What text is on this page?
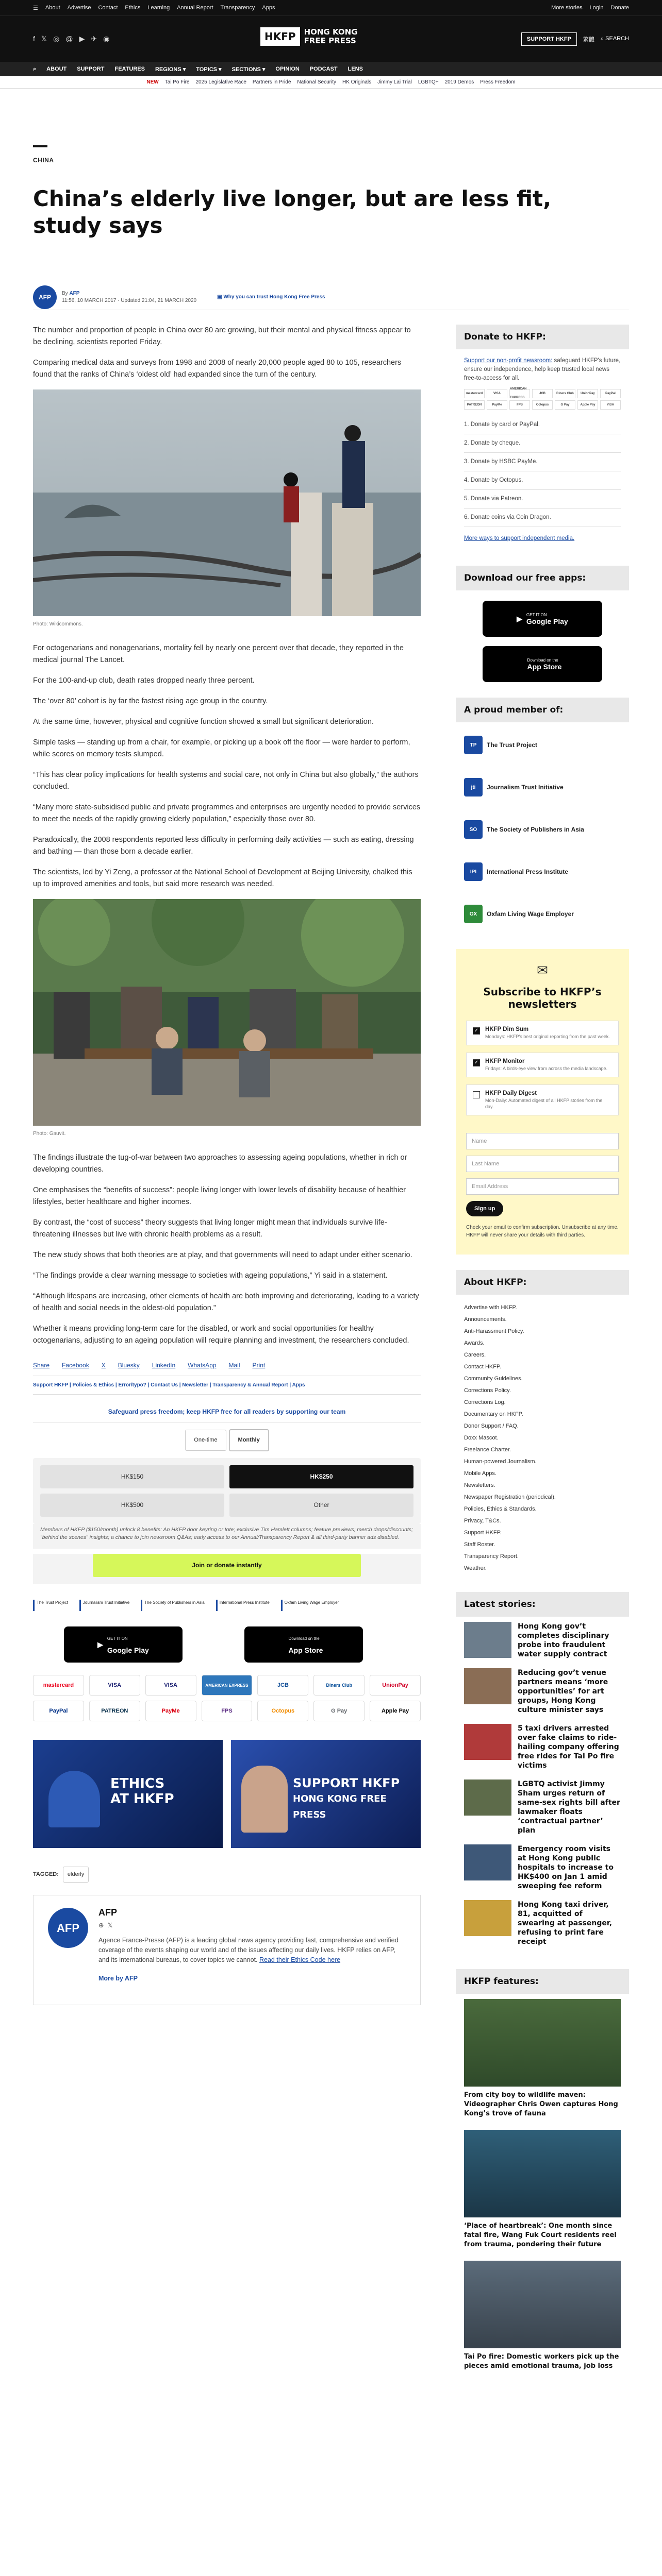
☰ About Advertise Contact Ethics Learning Annual Report Transparency Apps	More stories Login Donate
f 𝕏 ◎ @ ▶ ✈ ◉	HKFP	HONG KONG
FREE PRESS	SUPPORT HKFP	繁體 ⌕ SEARCH
⌕ ABOUT SUPPORT FEATURES REGIONS ▾ TOPICS ▾ SECTIONS ▾ OPINION PODCAST LENS
NEW Tai Po Fire 2025 Legislative Race Partners in Pride National Security HK Originals Jimmy Lai Trial LGBTQ+ 2019 Demos Press Freedom
CHINA
China’s elderly live longer, but are less fit, study says
AFP
By AFP
11:56, 10 MARCH 2017 · Updated 21:04, 21 MARCH 2020
▣ Why you can trust Hong Kong Free Press

The number and proportion of people in China over 80 are growing, but their mental and physical fitness appear to be declining, scientists reported Friday.

Comparing medical data and surveys from 1998 and 2008 of nearly 20,000 people aged 80 to 105, researchers found that the ranks of China’s ‘oldest old’ had expanded since the turn of the century.

Photo: Wikicommons.

For octogenarians and nonagenarians, mortality fell by nearly one percent over that decade, they reported in the medical journal The Lancet.

For the 100-and-up club, death rates dropped nearly three percent.

The ‘over 80’ cohort is by far the fastest rising age group in the country.

At the same time, however, physical and cognitive function showed a small but significant deterioration.

Simple tasks — standing up from a chair, for example, or picking up a book off the floor — were harder to perform, while scores on memory tests slumped.

“This has clear policy implications for health systems and social care, not only in China but also globally,” the authors concluded.

“Many more state-subsidised public and private programmes and enterprises are urgently needed to provide services to meet the needs of the rapidly growing elderly population,” especially those over 80.

Paradoxically, the 2008 respondents reported less difficulty in performing daily activities — such as eating, dressing and bathing — than those born a decade earlier.

The scientists, led by Yi Zeng, a professor at the National School of Development at Beijing University, chalked this up to improved amenities and tools, but said more research was needed.

Photo: Gauvit.

The findings illustrate the tug-of-war between two approaches to assessing ageing populations, whether in rich or developing countries.

One emphasises the “benefits of success”: people living longer with lower levels of disability because of healthier lifestyles, better healthcare and higher incomes.

By contrast, the “cost of success” theory suggests that living longer might mean that individuals survive life-threatening illnesses but live with chronic health problems as a result.

The new study shows that both theories are at play, and that governments will need to adapt under either scenario.

“The findings provide a clear warning message to societies with ageing populations,” Yi said in a statement.

“Although lifespans are increasing, other elements of health are both improving and deteriorating, leading to a variety of health and social needs in the oldest-old population.”

Whether it means providing long-term care for the disabled, or work and social opportunities for healthy octogenarians, adjusting to an ageing population will require planning and investment, the researchers concluded.

Share Facebook X Bluesky LinkedIn WhatsApp Mail Print
Support HKFP | Policies & Ethics | Error/typo? | Contact Us | Newsletter | Transparency & Annual Report | Apps
Safeguard press freedom; keep HKFP free for all readers by supporting our team
One-time	Monthly
HK$150	HK$250
HK$500	Other
Members of HKFP ($150/month) unlock 8 benefits: An HKFP door keyring or tote; exclusive Tim Hamlett columns; feature previews; merch drops/discounts; "behind the scenes" insights; a chance to join newsroom Q&As; early access to our Annual/Transparency Report & all third-party banner ads disabled.
Join or donate instantly
The Trust Project	Journalism Trust Initiative	The Society of Publishers in Asia	International Press Institute	Oxfam Living Wage Employer
▶
GET IT ON
Google Play
Download on the
App Store
mastercard	VISA	VISA	AMERICAN EXPRESS	JCB	Diners Club	UnionPay
PayPal	PATREON	PayMe	FPS	Octopus	G Pay	Apple Pay
ETHICS
AT HKFP
SUPPORT HKFP
HONG KONG FREE PRESS
TAGGED:	elderly
AFP
AFP
⊕ 𝕏

Agence France-Presse (AFP) is a leading global news agency providing fast, comprehensive and verified coverage of the events shaping our world and of the issues affecting our daily lives. HKFP relies on AFP, and its international bureaus, to cover topics we cannot. Read their Ethics Code here

More by AFP

Donate to HKFP:

Support our non-profit newsroom: safeguard HKFP's future, ensure our independence, help keep trusted local news free-to-access for all.

mastercard	VISA
AMERICAN EXPRESS
JCB	Diners Club	UnionPay	PayPal
PATREON	PayMe	FPS	Octopus	G Pay	Apple Pay	VISA
1. Donate by card or PayPal.
2. Donate by cheque.
3. Donate by HSBC PayMe.
4. Donate by Octopus.
5. Donate via Patreon.
6. Donate coins via Coin Dragon.

More ways to support independent media.

Download our free apps:
▶ GET IT ON
Google Play
Download on the
App Store
A proud member of:
TP	The Trust Project
jti	Journalism Trust Initiative
SO	The Society of Publishers in Asia
IPI	International Press Institute
OX	Oxfam Living Wage Employer
✉
Subscribe to HKFP’s newsletters
✓ HKFP Dim Sum
Mondays: HKFP's best original reporting from the past week.
✓ HKFP Monitor
Fridays: A birds-eye view from across the media landscape.
HKFP Daily Digest
Mon-Daily: Automated digest of all HKFP stories from the day.
Name
Last Name
Email Address
Sign up

Check your email to confirm subscription. Unsubscribe at any time. HKFP will never share your details with third parties.

About HKFP:
Advertise with HKFP.
Announcements.
Anti-Harassment Policy.
Awards.
Careers.
Contact HKFP.
Community Guidelines.
Corrections Policy.
Corrections Log.
Documentary on HKFP.
Donor Support / FAQ.
Doxx Mascot.
Freelance Charter.
Human-powered Journalism.
Mobile Apps.
Newsletters.
Newspaper Registration (periodical).
Policies, Ethics & Standards.
Privacy, T&Cs.
Support HKFP.
Staff Roster.
Transparency Report.
Weather.
Latest stories:
Hong Kong gov’t completes disciplinary probe into fraudulent water supply contract
Reducing gov’t venue partners means ‘more opportunities’ for art groups, Hong Kong culture minister says
5 taxi drivers arrested over fake claims to ride-hailing company offering free rides for Tai Po fire victims
LGBTQ activist Jimmy Sham urges return of same-sex rights bill after lawmaker floats ‘contractual partner’ plan
Emergency room visits at Hong Kong public hospitals to increase to HK$400 on Jan 1 amid sweeping fee reform
Hong Kong taxi driver, 81, acquitted of swearing at passenger, refusing to print fare receipt
HKFP features:
From city boy to wildlife maven: Videographer Chris Owen captures Hong Kong’s trove of fauna
‘Place of heartbreak’: One month since fatal fire, Wang Fuk Court residents reel from trauma, pondering their future
Tai Po fire: Domestic workers pick up the pieces amid emotional trauma, job loss
